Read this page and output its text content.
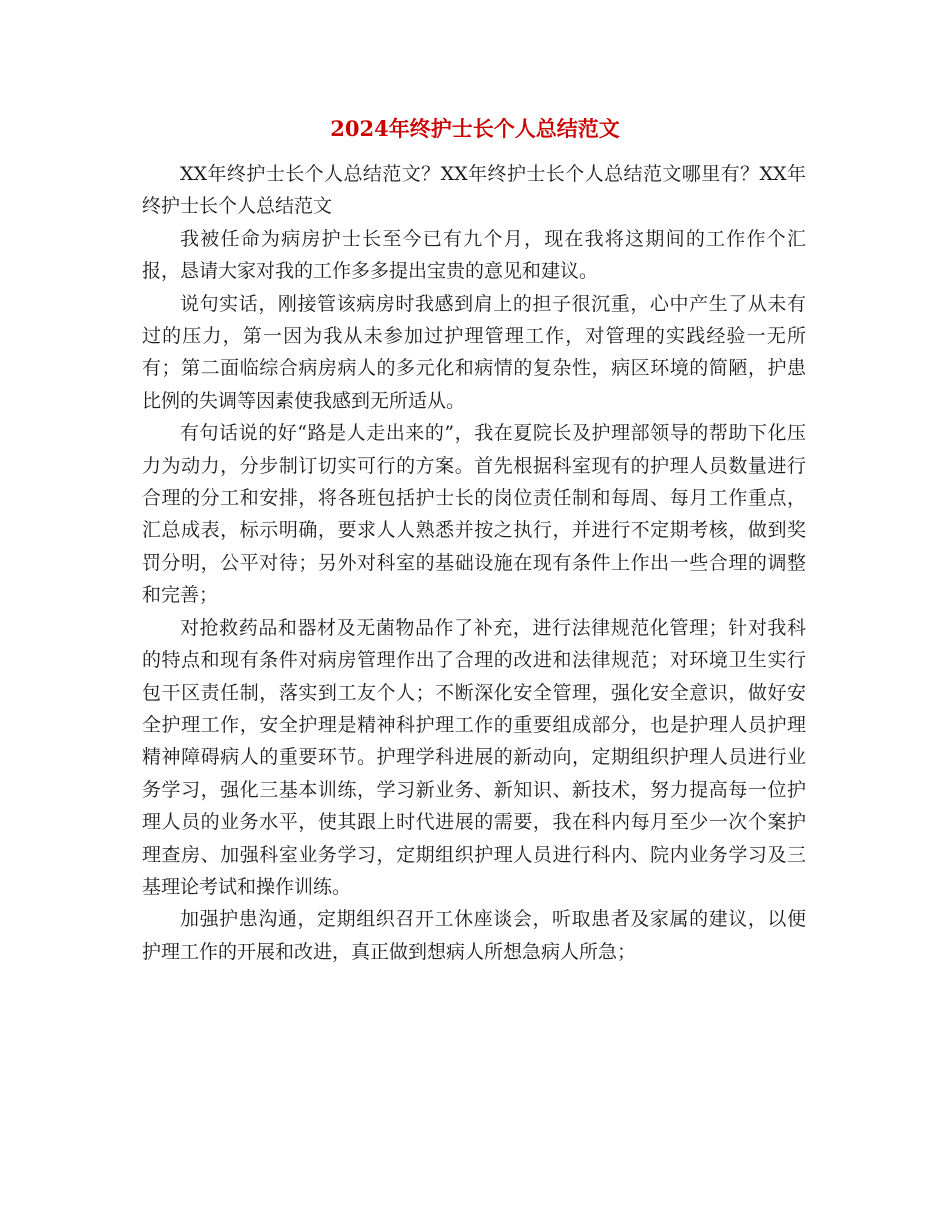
2024年终护士长个人总结范文

XX年终护士长个人总结范文？XX年终护士长个人总结范文哪里有？XX年终护士长个人总结范文

我被任命为病房护士长至今已有九个月，现在我将这期间的工作作个汇报，恳请大家对我的工作多多提出宝贵的意见和建议。

说句实话，刚接管该病房时我感到肩上的担子很沉重，心中产生了从未有过的压力，第一因为我从未参加过护理管理工作，对管理的实践经验一无所有；第二面临综合病房病人的多元化和病情的复杂性，病区环境的简陋，护患比例的失调等因素使我感到无所适从。

有句话说的好“路是人走出来的”，我在夏院长及护理部领导的帮助下化压力为动力，分步制订切实可行的方案。首先根据科室现有的护理人员数量进行合理的分工和安排，将各班包括护士长的岗位责任制和每周、每月工作重点，汇总成表，标示明确，要求人人熟悉并按之执行，并进行不定期考核，做到奖罚分明，公平对待；另外对科室的基础设施在现有条件上作出一些合理的调整和完善；

对抢救药品和器材及无菌物品作了补充，进行法律规范化管理；针对我科的特点和现有条件对病房管理作出了合理的改进和法律规范；对环境卫生实行包干区责任制，落实到工友个人；不断深化安全管理，强化安全意识，做好安全护理工作，安全护理是精神科护理工作的重要组成部分，也是护理人员护理精神障碍病人的重要环节。护理学科进展的新动向，定期组织护理人员进行业务学习，强化三基本训练，学习新业务、新知识、新技术，努力提高每一位护理人员的业务水平，使其跟上时代进展的需要，我在科内每月至少一次个案护理查房、加强科室业务学习，定期组织护理人员进行科内、院内业务学习及三基理论考试和操作训练。

加强护患沟通，定期组织召开工休座谈会，听取患者及家属的建议，以便护理工作的开展和改进，真正做到想病人所想急病人所急；
